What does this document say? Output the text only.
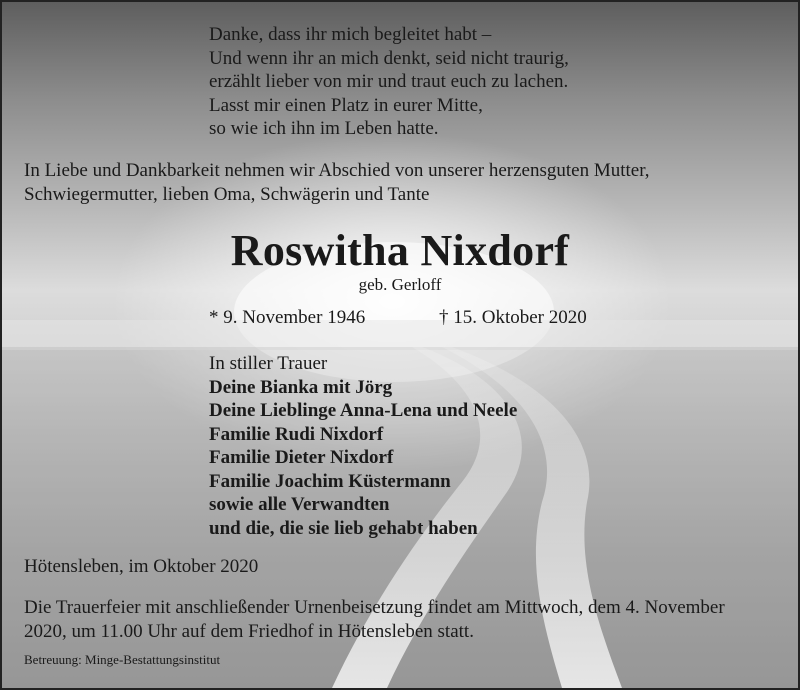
Danke, dass ihr mich begleitet habt –
Und wenn ihr an mich denkt, seid nicht traurig,
erzählt lieber von mir und traut euch zu lachen.
Lasst mir einen Platz in eurer Mitte,
so wie ich ihn im Leben hatte.
In Liebe und Dankbarkeit nehmen wir Abschied von unserer herzensguten Mutter,
Schwiegermutter, lieben Oma, Schwägerin und Tante
Roswitha Nixdorf
geb. Gerloff
* 9. November 1946	† 15. Oktober 2020
In stiller Trauer
Deine Bianka mit Jörg
Deine Lieblinge Anna-Lena und Neele
Familie Rudi Nixdorf
Familie Dieter Nixdorf
Familie Joachim Küstermann
sowie alle Verwandten
und die, die sie lieb gehabt haben
Hötensleben, im Oktober 2020
Die Trauerfeier mit anschließender Urnenbeisetzung findet am Mittwoch, dem 4. November
2020, um 11.00 Uhr auf dem Friedhof in Hötensleben statt.
Betreuung: Minge-Bestattungsinstitut
